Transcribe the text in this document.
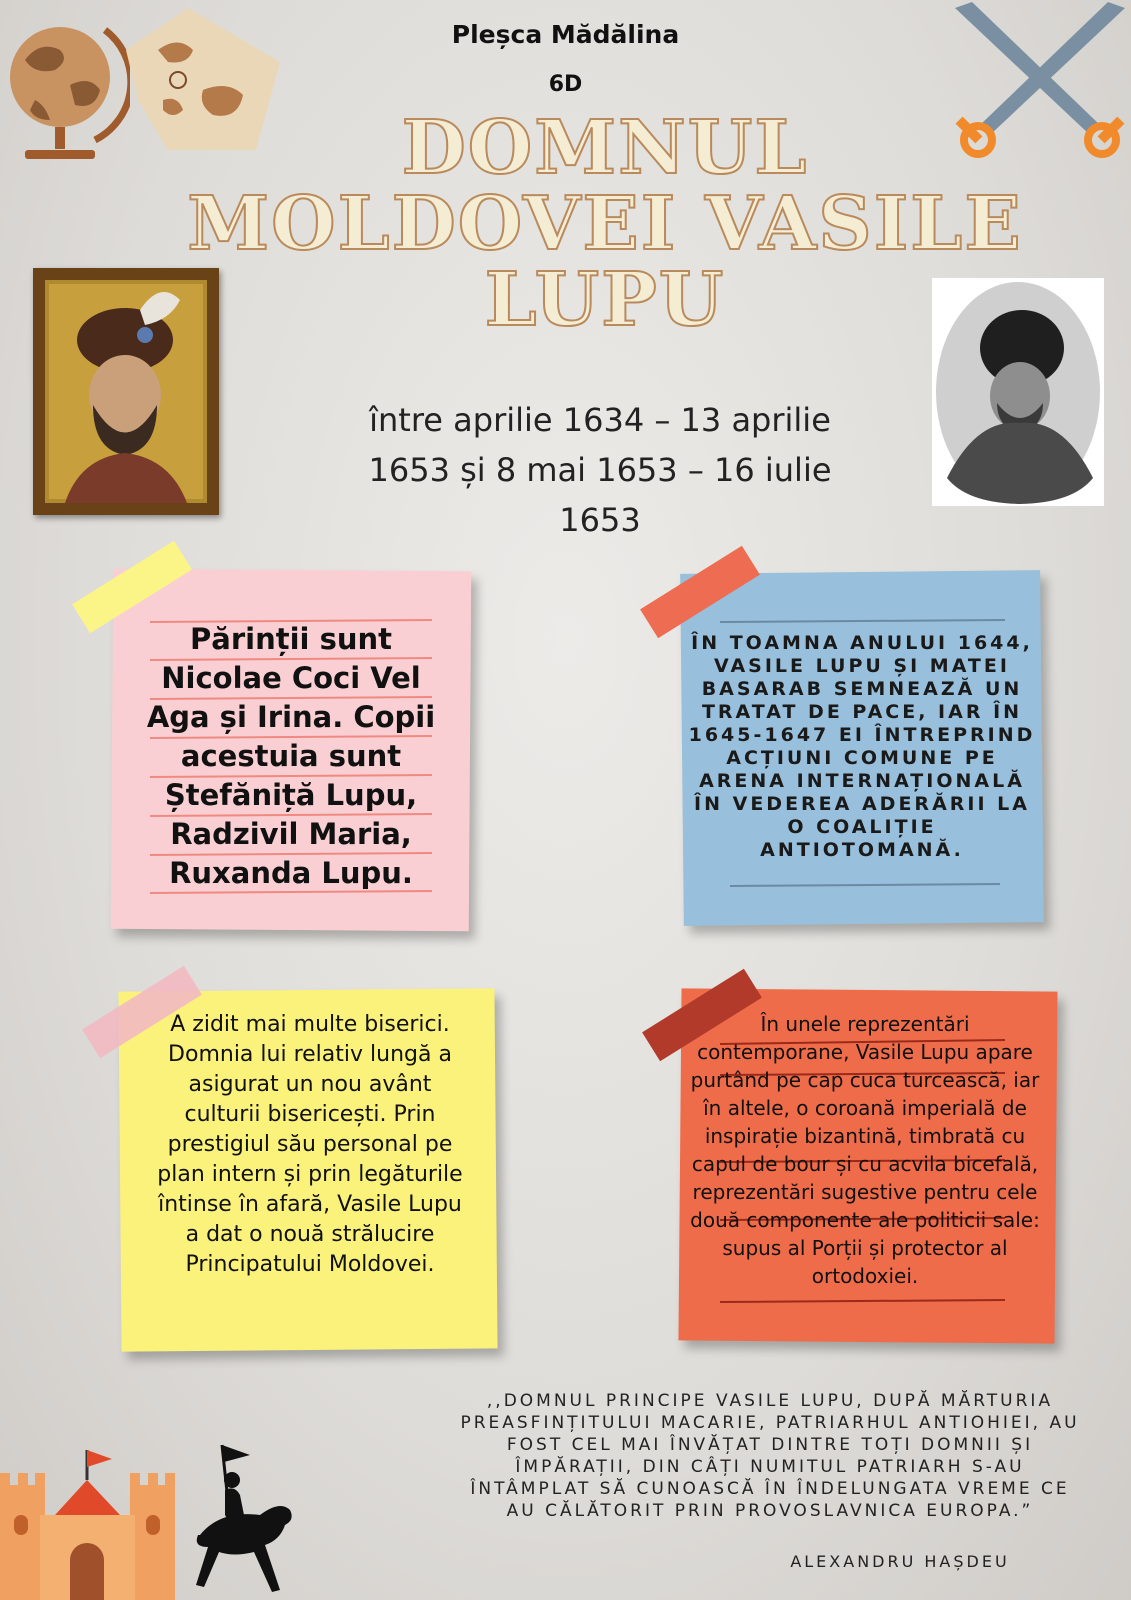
Pleșca Mădălina
6D
DOMNUL MOLDOVEI VASILE LUPU
între aprilie 1634 – 13 aprilie 1653 și 8 mai 1653 – 16 iulie 1653
Părinții sunt Nicolae Coci Vel Aga și Irina. Copii acestuia sunt Ștefăniță Lupu, Radzivil Maria, Ruxanda Lupu.
ÎN TOAMNA ANULUI 1644, VASILE LUPU ȘI MATEI BASARAB SEMNEAZĂ UN TRATAT DE PACE, IAR ÎN 1645-1647 EI ÎNTREPRIND ACȚIUNI COMUNE PE ARENA INTERNAȚIONALĂ ÎN VEDEREA ADERĂRII LA O COALIȚIE ANTIOTOMANĂ.
A zidit mai multe biserici. Domnia lui relativ lungă a asigurat un nou avânt culturii bisericești. Prin prestigiul său personal pe plan intern și prin legăturile întinse în afară, Vasile Lupu a dat o nouă strălucire Principatului Moldovei.
În unele reprezentări contemporane, Vasile Lupu apare purtând pe cap cuca turcească, iar în altele, o coroană imperială de inspirație bizantină, timbrată cu capul de bour și cu acvila bicefală, reprezentări sugestive pentru cele două componente ale politicii sale: supus al Porții și protector al ortodoxiei.
,,DOMNUL PRINCIPE VASILE LUPU, DUPĂ MĂRTURIA PREASFINȚITULUI MACARIE, PATRIARHUL ANTIOHIEI, AU FOST CEL MAI ÎNVĂȚAT DINTRE TOȚI DOMNII ȘI ÎMPĂRAȚII, DIN CÂȚI NUMITUL PATRIARH S-AU ÎNTÂMPLAT SĂ CUNOASCĂ ÎN ÎNDELUNGATA VREME CE AU CĂLĂTORIT PRIN PROVOSLAVNICA EUROPA.”
ALEXANDRU HAȘDEU
